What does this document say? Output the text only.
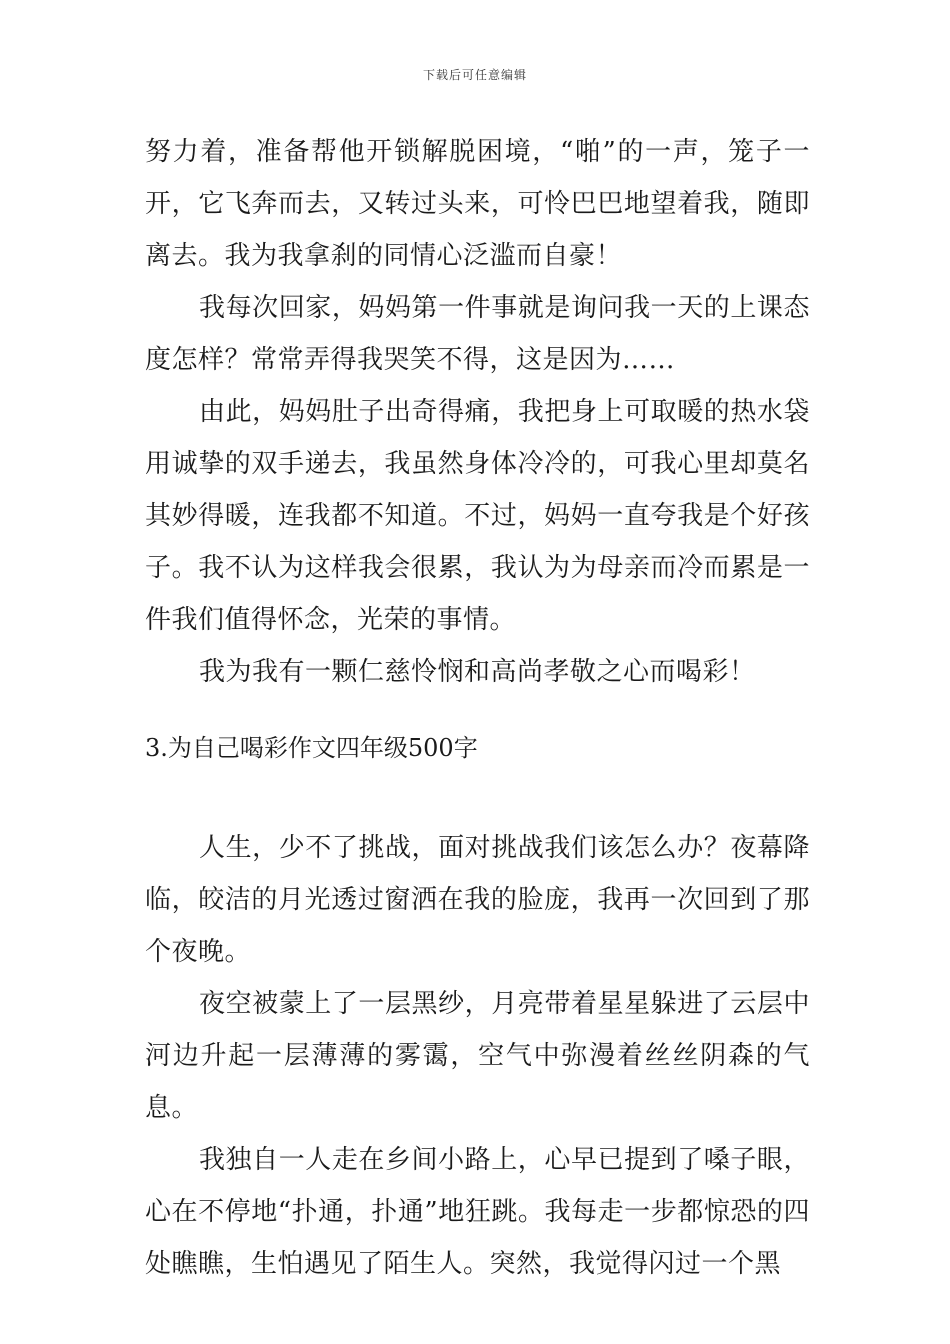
下载后可任意编辑

努力着，准备帮他开锁解脱困境，“啪”的一声，笼子一开，它飞奔而去，又转过头来，可怜巴巴地望着我，随即离去。我为我拿刹的同情心泛滥而自豪！

我每次回家，妈妈第一件事就是询问我一天的上课态度怎样？常常弄得我哭笑不得，这是因为……

由此，妈妈肚子出奇得痛，我把身上可取暖的热水袋用诚挚的双手递去，我虽然身体冷冷的，可我心里却莫名其妙得暖，连我都不知道。不过，妈妈一直夸我是个好孩子。我不认为这样我会很累，我认为为母亲而冷而累是一件我们值得怀念，光荣的事情。

我为我有一颗仁慈怜悯和高尚孝敬之心而喝彩！

3.为自己喝彩作文四年级500字

人生，少不了挑战，面对挑战我们该怎么办？夜幕降临，皎洁的月光透过窗洒在我的脸庞，我再一次回到了那个夜晚。

夜空被蒙上了一层黑纱，月亮带着星星躲进了云层中河边升起一层薄薄的雾霭，空气中弥漫着丝丝阴森的气息。

我独自一人走在乡间小路上，心早已提到了嗓子眼，心在不停地“扑通，扑通”地狂跳。我每走一步都惊恐的四处瞧瞧，生怕遇见了陌生人。突然，我觉得闪过一个黑
